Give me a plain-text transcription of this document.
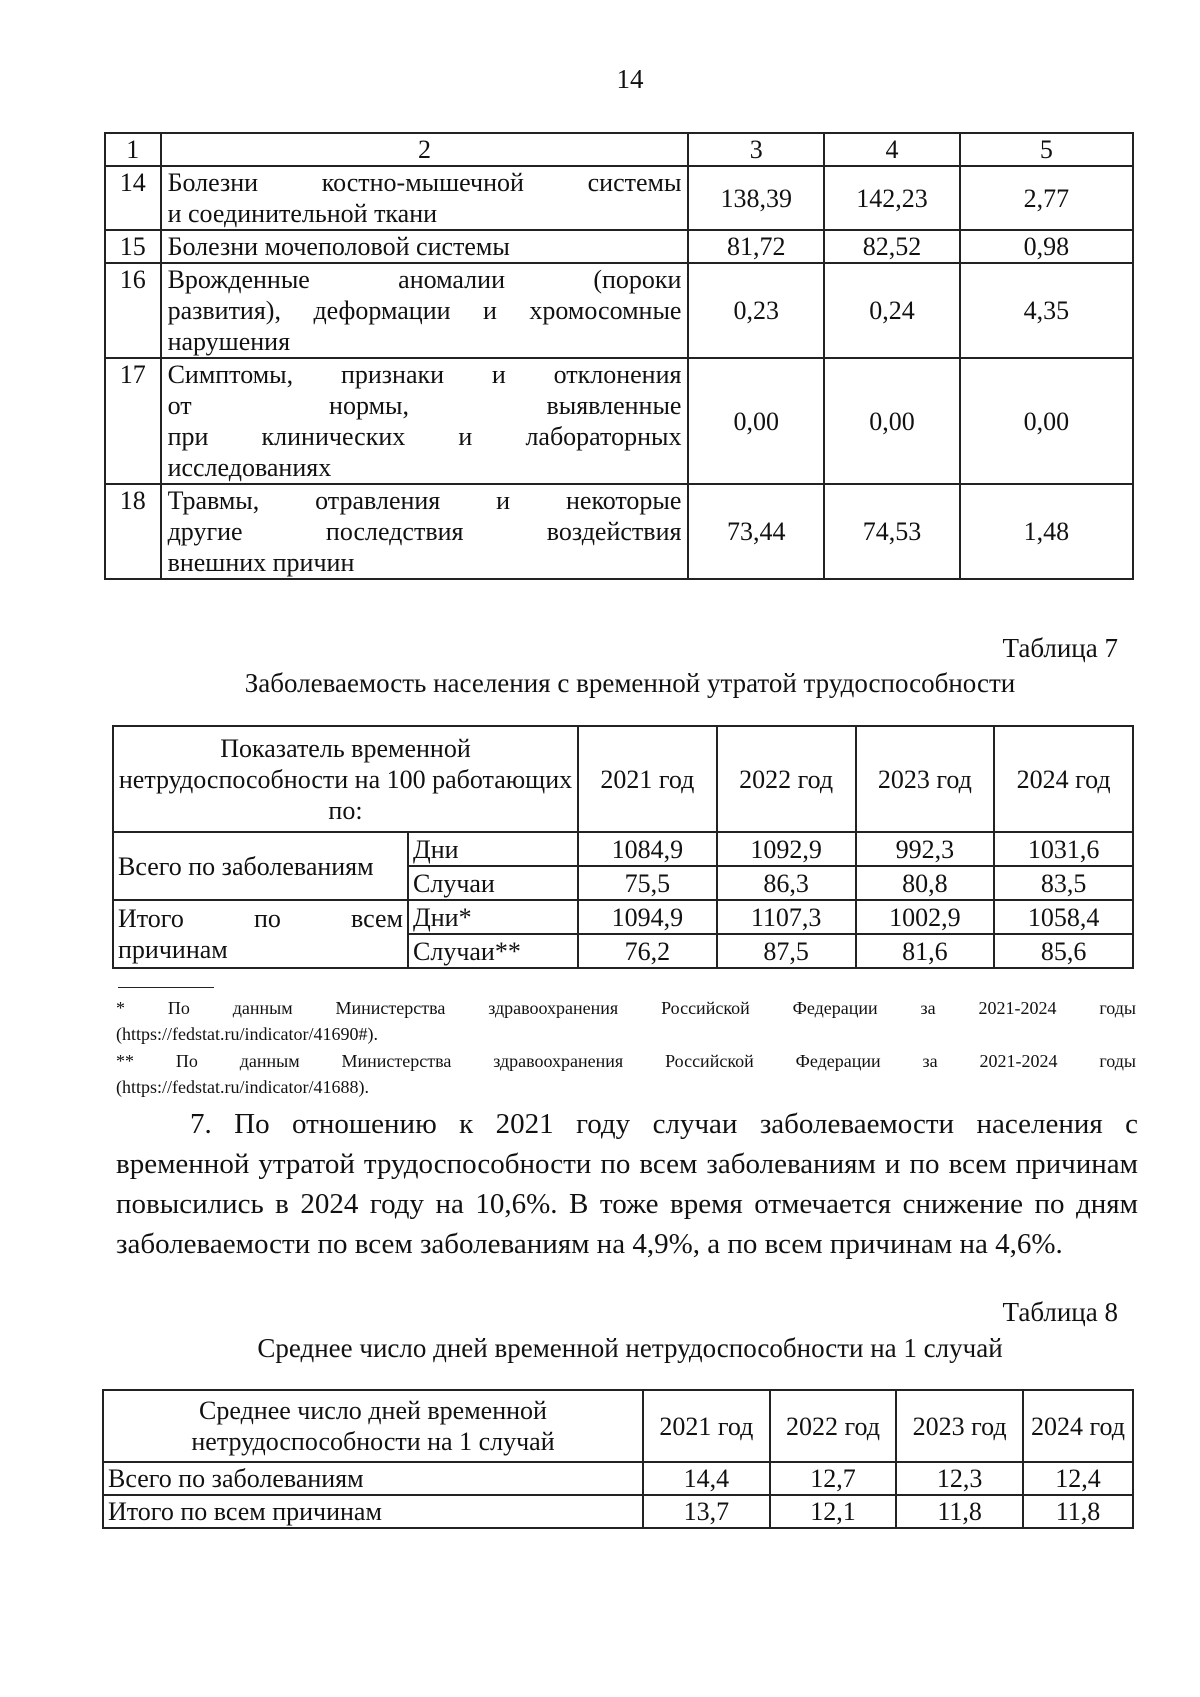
14
1	2	3	4	5
14	Болезни костно-мышечной системы
и соединительной ткани	138,39	142,23	2,77
15	Болезни мочеполовой системы	81,72	82,52	0,98
16	Врожденные аномалии (пороки
развития), деформации и хромосомные
нарушения	0,23	0,24	4,35
17	Симптомы, признаки и отклонения
от нормы, выявленные
при клинических и лабораторных
исследованиях	0,00	0,00	0,00
18	Травмы, отравления и некоторые
другие последствия воздействия
внешних причин	73,44	74,53	1,48
Таблица 7
Заболеваемость населения с временной утратой трудоспособности
Показатель временной нетрудоспособности на 100 работающих по:		2021 год	2022 год	2023 год	2024 год
Всего по заболеваниям	Дни	1084,9	1092,9	992,3	1031,6
	Случаи	75,5	86,3	80,8	83,5

Итого по всем
причинам	Дни*	1094,9	1107,3	1002,9	1058,4
	Случаи**	76,2	87,5	81,6	85,6
* По данным Министерства здравоохранения Российской Федерации за 2021-2024 годы
(https://fedstat.ru/indicator/41690#).
** По данным Министерства здравоохранения Российской Федерации за 2021-2024 годы
(https://fedstat.ru/indicator/41688).
7. По отношению к 2021 году случаи заболеваемости населения с временной утратой трудоспособности по всем заболеваниям и по всем причинам повысились в 2024 году на 10,6%. В тоже время отмечается снижение по дням заболеваемости по всем заболеваниям на 4,9%, а по всем причинам на 4,6%.
Таблица 8
Среднее число дней временной нетрудоспособности на 1 случай
Среднее число дней временной нетрудоспособности на 1 случай	2021 год	2022 год	2023 год	2024 год
Всего по заболеваниям	14,4	12,7	12,3	12,4
Итого по всем причинам	13,7	12,1	11,8	11,8
